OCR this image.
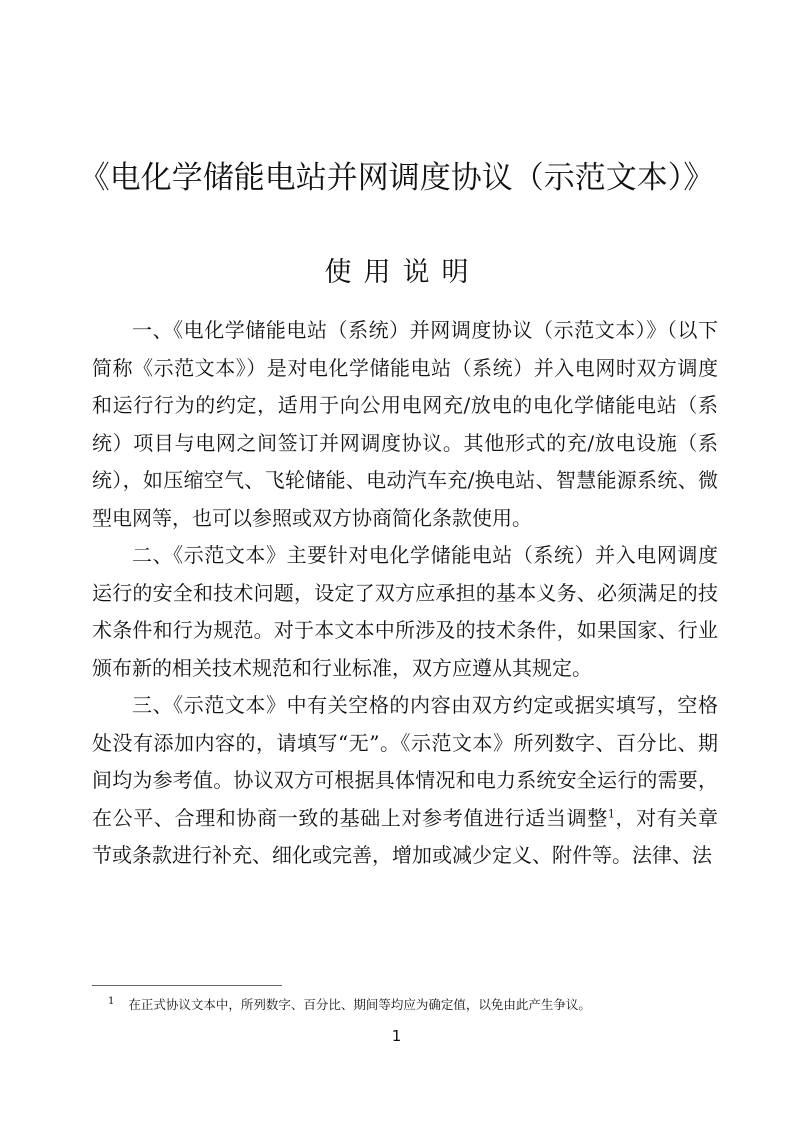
《电化学储能电站并网调度协议（示范文本）》
使用说明

一、《电化学储能电站（系统）并网调度协议（示范文本）》（以下简称《示范文本》）是对电化学储能电站（系统）并入电网时双方调度和运行行为的约定，适用于向公用电网充/放电的电化学储能电站（系统）项目与电网之间签订并网调度协议。其他形式的充/放电设施（系统），如压缩空气、飞轮储能、电动汽车充/换电站、智慧能源系统、微型电网等，也可以参照或双方协商简化条款使用。

二、《示范文本》主要针对电化学储能电站（系统）并入电网调度运行的安全和技术问题，设定了双方应承担的基本义务、必须满足的技术条件和行为规范。对于本文本中所涉及的技术条件，如果国家、行业颁布新的相关技术规范和行业标准，双方应遵从其规定。

三、《示范文本》中有关空格的内容由双方约定或据实填写，空格处没有添加内容的，请填写“无”。《示范文本》所列数字、百分比、期间均为参考值。协议双方可根据具体情况和电力系统安全运行的需要，在公平、合理和协商一致的基础上对参考值进行适当调整$^1$，对有关章节或条款进行补充、细化或完善，增加或减少定义、附件等。法律、法

$^1$ 在正式协议文本中，所列数字、百分比、期间等均应为确定值，以免由此产生争议。
1
